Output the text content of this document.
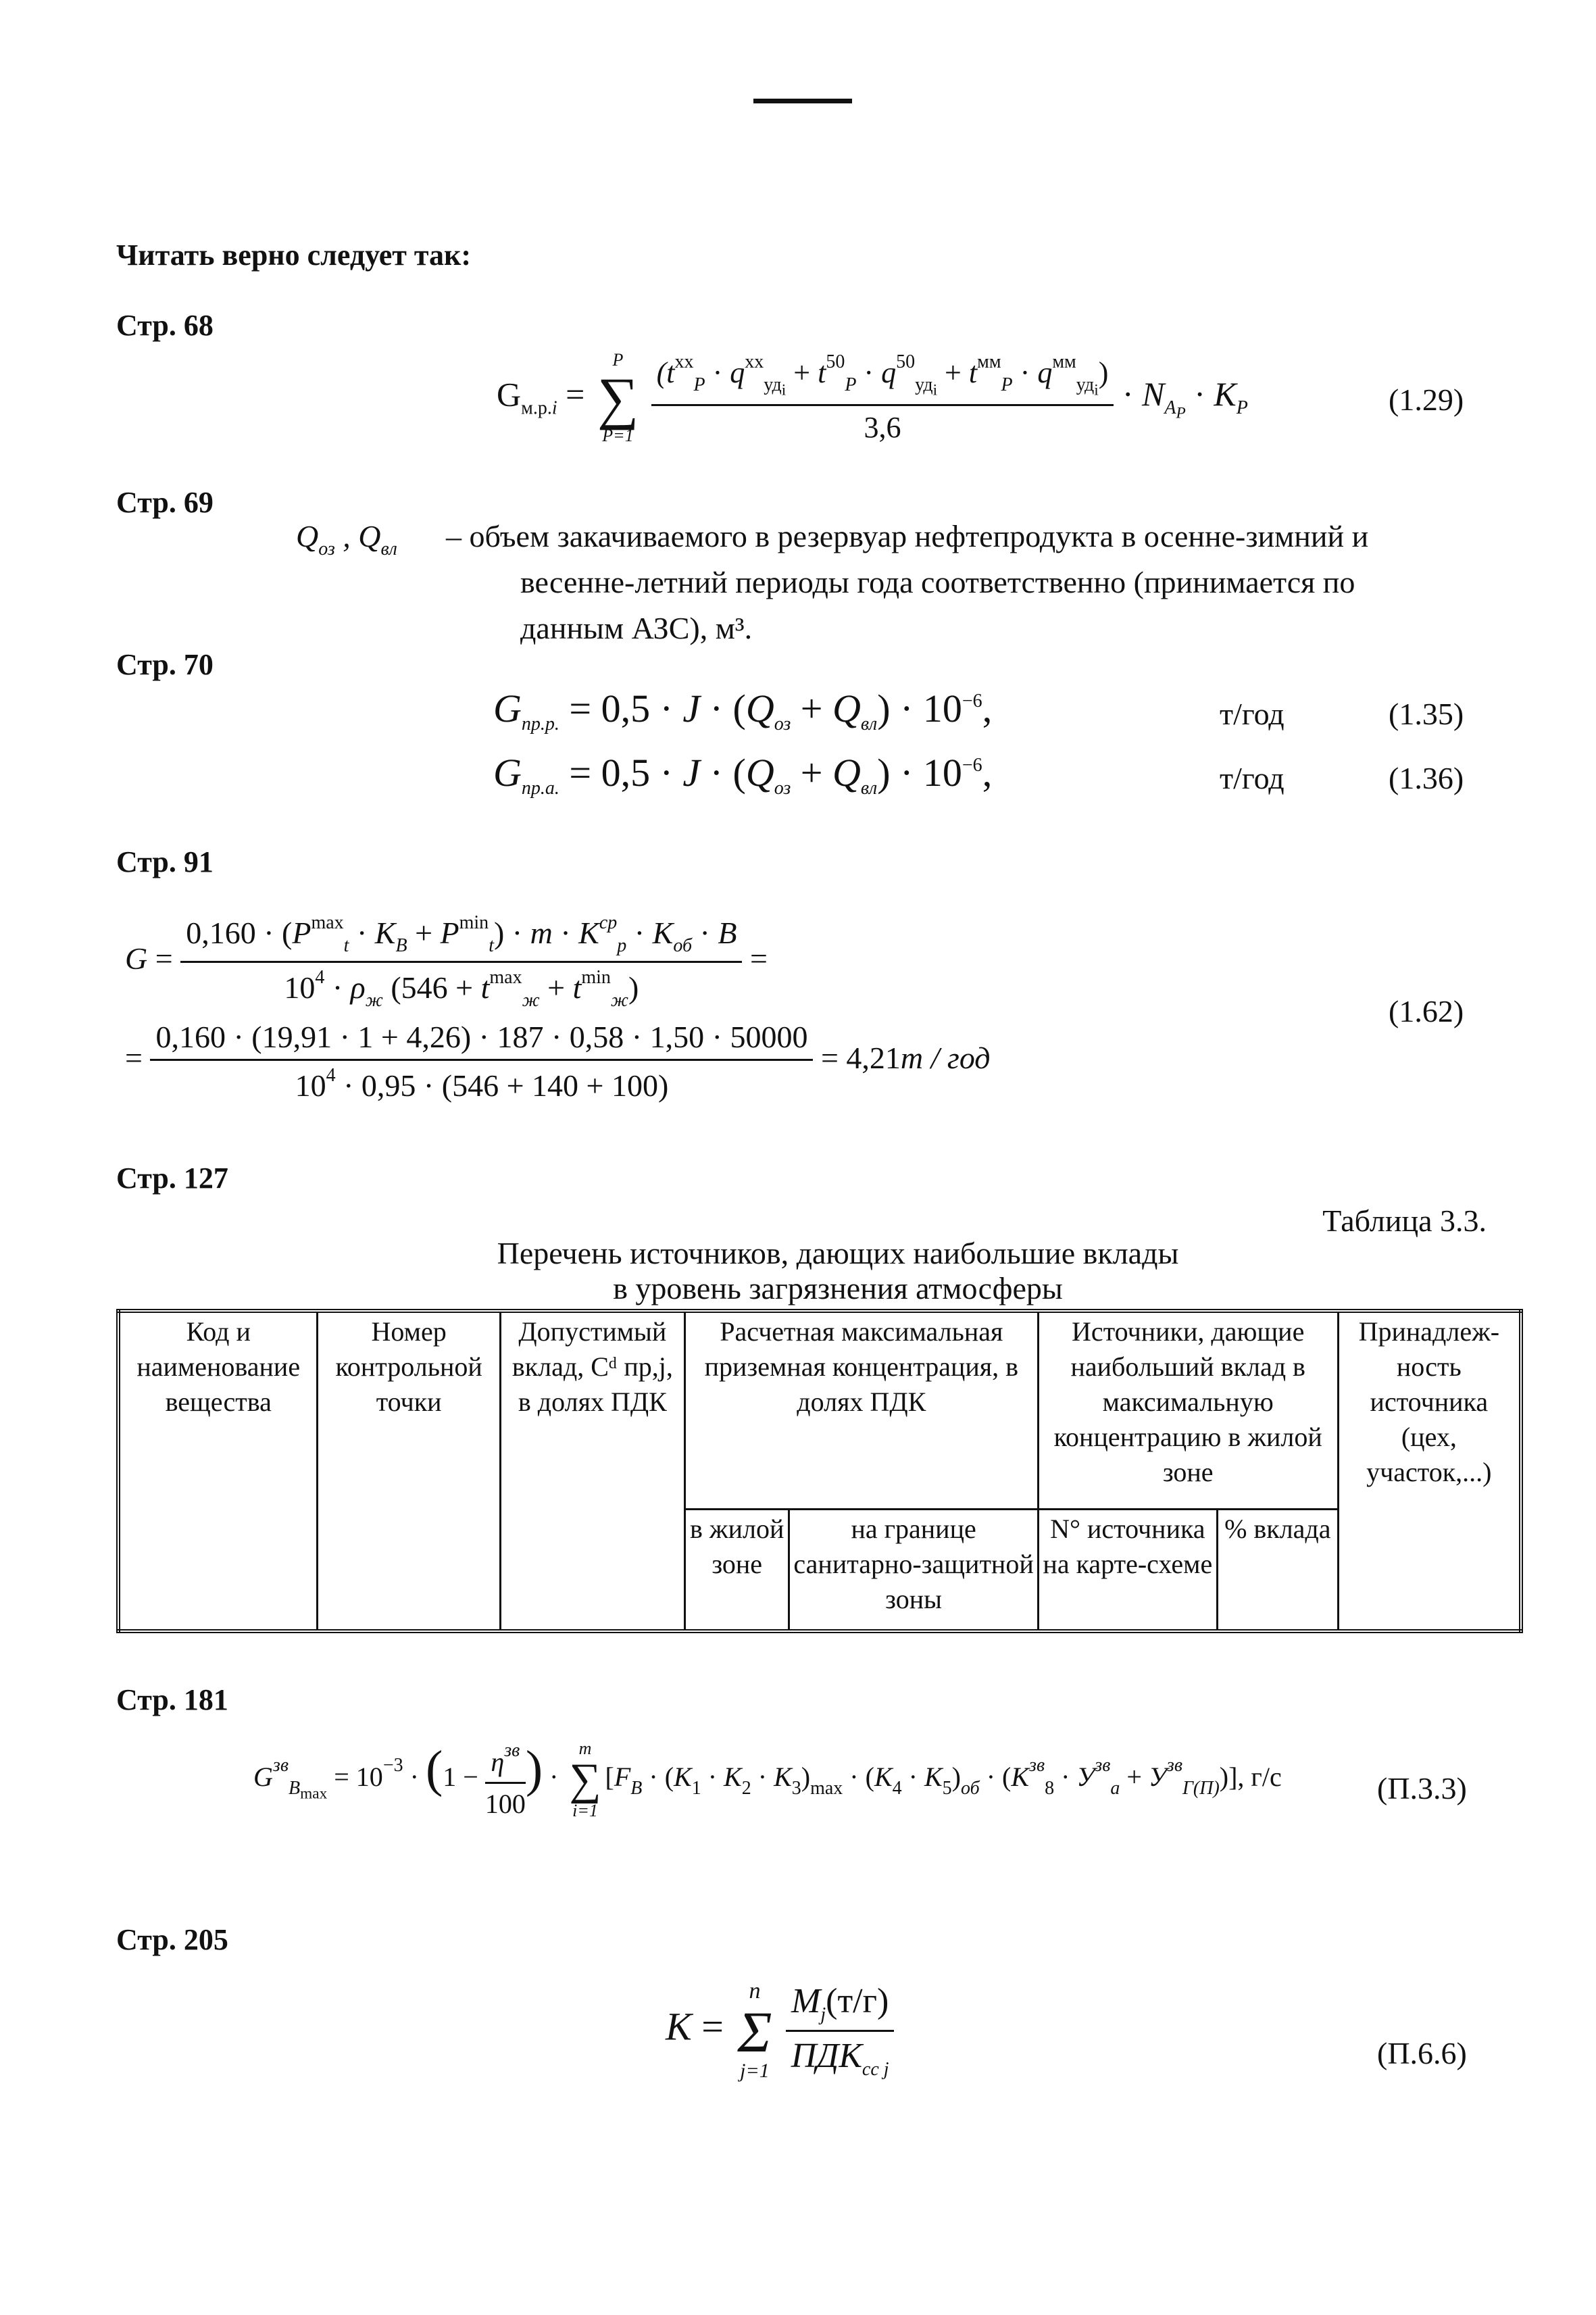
Читать верно следует так:
Стр. 68
$G_{м.р.i}$ =
P
∑
P=1
$\frac{(t^{xx}_P \cdot q^{xx}_{уд_i} + t^{50}_P \cdot q^{50}_{уд_i} + t^{мм}_P \cdot q^{мм}_{уд_i})}{3,6} \cdot N_{A_P} \cdot K_P$	(1.29)
Стр. 69
$Q_{оз}$ , $Q_{вл}$ – объем закачиваемого в резервуар нефтепродукта в осенне-зимний и
весенне-летний периоды года соответственно (принимается по
данным АЗС), м³.
Стр. 70
$G_{пр.р.} = 0,5 \cdot J \cdot (Q_{оз} + Q_{вл}) \cdot 10^{-6}$,	т/год	(1.35)
$G_{пр.а.} = 0,5 \cdot J \cdot (Q_{оз} + Q_{вл}) \cdot 10^{-6}$,	т/год	(1.36)
Стр. 91
$G = \frac{0,160 \cdot (P^{max}_t \cdot K_B + P^{min}_t) \cdot m \cdot K^{ср}_p \cdot K_{об} \cdot B}{10^4 \cdot \rho_ж (546 + t^{max}_ж + t^{min}_ж)}$ =
= $\frac{0,160 \cdot (19,91 \cdot 1 + 4,26) \cdot 187 \cdot 0,58 \cdot 1,50 \cdot 50000}{10^4 \cdot 0,95 \cdot (546 + 140 + 100)} = 4,21т$ / год
(1.62)
Стр. 127
Таблица 3.3.
Перечень источников, дающих наибольшие вклады
в уровень загрязнения атмосферы
Код и наименование вещества	Номер контрольной точки	Допустимый вклад, Cᵈ пр,j, в долях ПДК	Расчетная максимальная приземная концентрация, в долях ПДК		Источники, дающие наибольший вклад в максимальную концентрацию в жилой зоне		Принадлеж-ность источника (цех, участок,...)
			в жилой зоне	на границе санитарно-защитной зоны	N° источника на карте-схеме	% вклада	
Стр. 181
$G^{зв}_{B_{max}} = 10^{-3} \cdot (1 - \frac{\eta^{зв}}{100}$ ) ·
m
∑
i=1
$[F_B \cdot (K_1 \cdot K_2 \cdot K_3)_{max} \cdot (K_4 \cdot K_5)_{об} \cdot (K^{зв}_8 \cdot У^{зв}_a + У^{зв}_{Г(П)})]$, г/с	(П.3.3)
Стр. 205
K =
n
Σ
j=1
$\frac{M_j(т/г)}{ПДК_{cc j}}$	(П.6.6)
